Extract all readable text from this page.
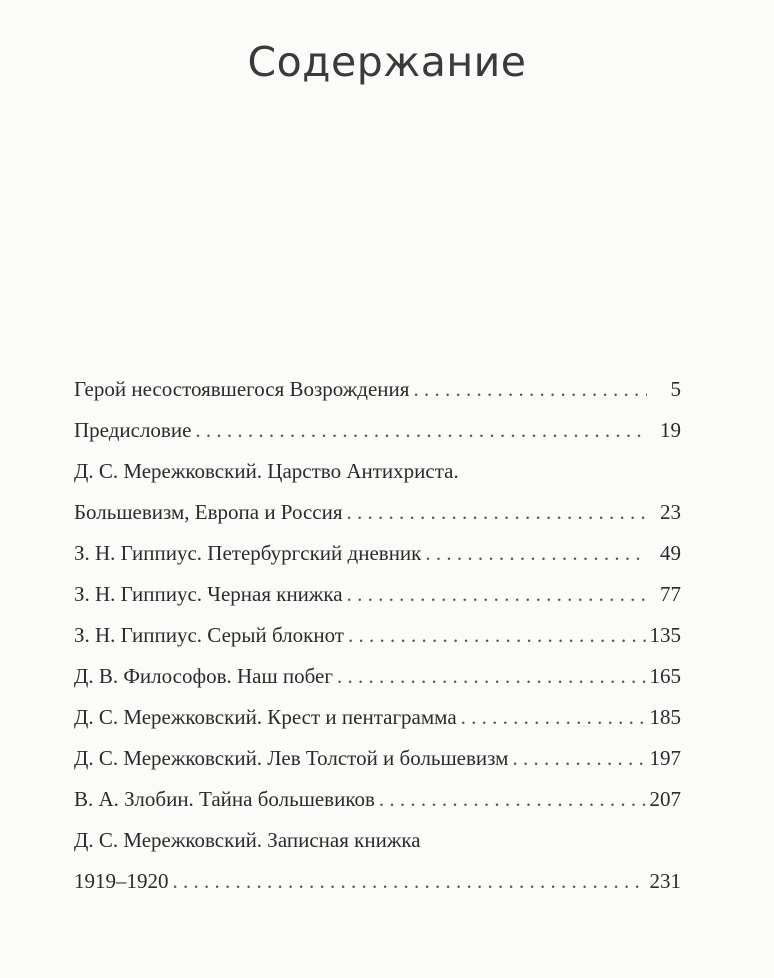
Содержание
Герой несостоявшегося Возрождения . . .	5
Предисловие . . .	19
Д. С. Мережковский. Царство Антихриста.
Большевизм, Европа и Россия . . .	23
З. Н. Гиппиус. Петербургский дневник . . .	49
З. Н. Гиппиус. Черная книжка . . .	77
З. Н. Гиппиус. Серый блокнот . . .	135
Д. В. Философов. Наш побег . . .	165
Д. С. Мережковский. Крест и пентаграмма . . .	185
Д. С. Мережковский. Лев Толстой и большевизм . . .	197
В. А. Злобин. Тайна большевиков . . .	207
Д. С. Мережковский. Записная книжка
1919–1920 . . .	231
